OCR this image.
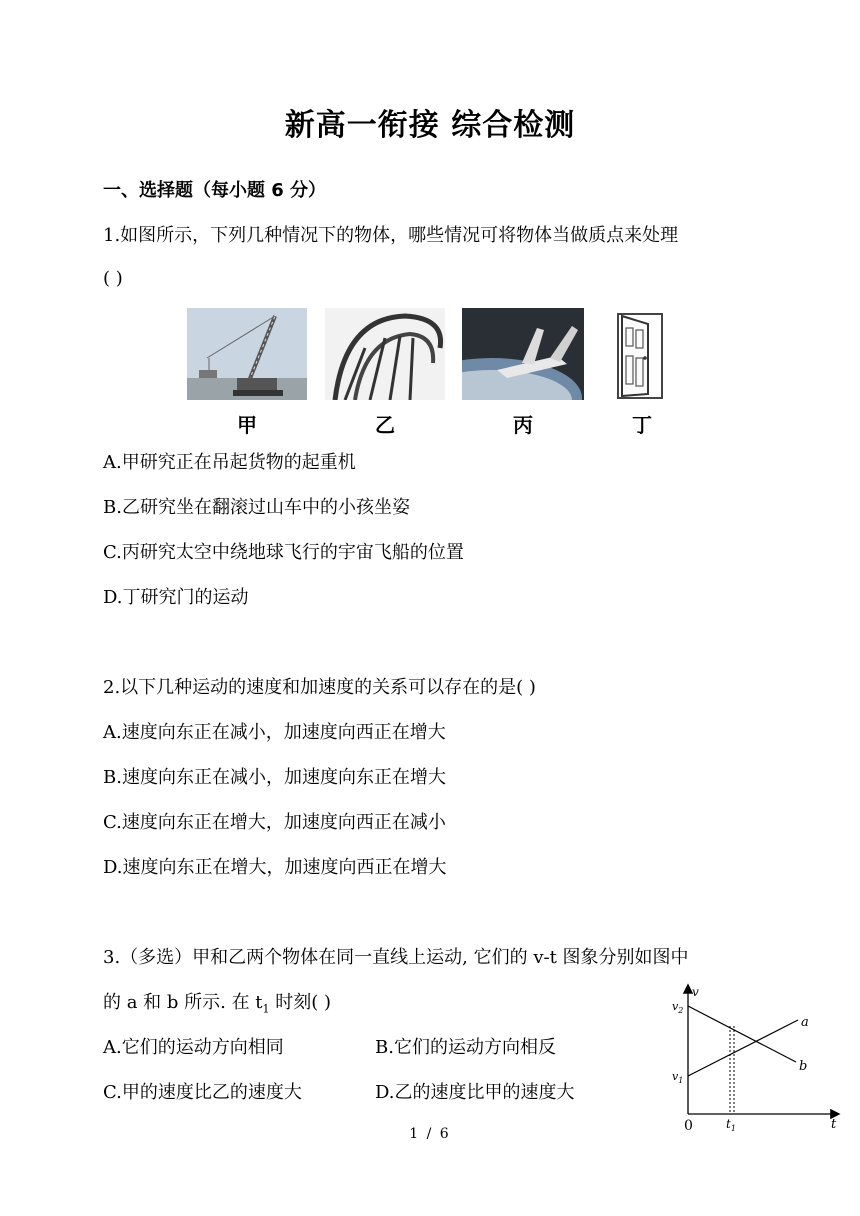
新高一衔接 综合检测
一、选择题（每小题 6 分）
1.如图所示，下列几种情况下的物体，哪些情况可将物体当做质点来处理
( )
甲	乙	丙	丁
A.甲研究正在吊起货物的起重机
B.乙研究坐在翻滚过山车中的小孩坐姿
C.丙研究太空中绕地球飞行的宇宙飞船的位置
D.丁研究门的运动
2.以下几种运动的速度和加速度的关系可以存在的是( )
A.速度向东正在减小，加速度向西正在增大
B.速度向东正在减小，加速度向东正在增大
C.速度向东正在增大，加速度向西正在减小
D.速度向东正在增大，加速度向西正在增大
3.（多选）甲和乙两个物体在同一直线上运动, 它们的 v-t 图象分别如图中
的 a 和 b 所示. 在 $t_1$ 时刻( )
A.它们的运动方向相同	B.它们的运动方向相反
C.甲的速度比乙的速度大	D.乙的速度比甲的速度大
v
t
0
$v_2$
$v_1$
$t_1$
a
b
1 / 6
